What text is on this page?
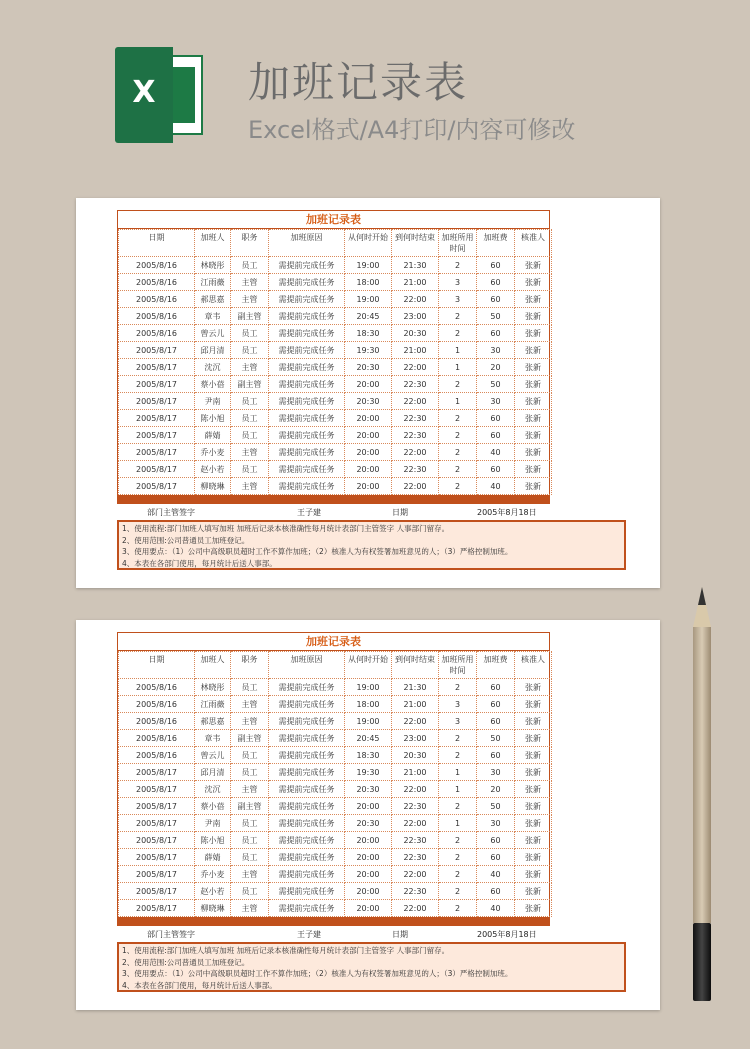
X	加班记录表
Excel格式/A4打印/内容可修改
加班记录表
日期	加班人	职务	加班原因	从何时开始	到何时结束	加班所用时间	加班费	核准人
2005/8/16	林晓彤	员工	需提前完成任务	19:00	21:30	2	60	张新
2005/8/16	江雨薇	主管	需提前完成任务	18:00	21:00	3	60	张新
2005/8/16	郝思嘉	主管	需提前完成任务	19:00	22:00	3	60	张新
2005/8/16	章韦	副主管	需提前完成任务	20:45	23:00	2	50	张新
2005/8/16	曾云儿	员工	需提前完成任务	18:30	20:30	2	60	张新
2005/8/17	邱月清	员工	需提前完成任务	19:30	21:00	1	30	张新
2005/8/17	沈沉	主管	需提前完成任务	20:30	22:00	1	20	张新
2005/8/17	蔡小蓓	副主管	需提前完成任务	20:00	22:30	2	50	张新
2005/8/17	尹南	员工	需提前完成任务	20:30	22:00	1	30	张新
2005/8/17	陈小旭	员工	需提前完成任务	20:00	22:30	2	60	张新
2005/8/17	薛婧	员工	需提前完成任务	20:00	22:30	2	60	张新
2005/8/17	乔小麦	主管	需提前完成任务	20:00	22:00	2	40	张新
2005/8/17	赵小若	员工	需提前完成任务	20:00	22:30	2	60	张新
2005/8/17	柳晓琳	主管	需提前完成任务	20:00	22:00	2	40	张新
部门主管签字	王子建	日期	2005年8月18日
1、使用流程:部门加班人填写加班 加班后记录本核准确性每月统计表部门主管签字 人事部门留存。
2、使用范围:公司普通员工加班登记。
3、使用要点：（1）公司中高级职员超时工作不算作加班；（2）核准人为有权签署加班意见的人；（3）严格控制加班。
4、本表在各部门使用，每月统计后送人事部。
加班记录表
日期	加班人	职务	加班原因	从何时开始	到何时结束	加班所用时间	加班费	核准人
2005/8/16	林晓彤	员工	需提前完成任务	19:00	21:30	2	60	张新
2005/8/16	江雨薇	主管	需提前完成任务	18:00	21:00	3	60	张新
2005/8/16	郝思嘉	主管	需提前完成任务	19:00	22:00	3	60	张新
2005/8/16	章韦	副主管	需提前完成任务	20:45	23:00	2	50	张新
2005/8/16	曾云儿	员工	需提前完成任务	18:30	20:30	2	60	张新
2005/8/17	邱月清	员工	需提前完成任务	19:30	21:00	1	30	张新
2005/8/17	沈沉	主管	需提前完成任务	20:30	22:00	1	20	张新
2005/8/17	蔡小蓓	副主管	需提前完成任务	20:00	22:30	2	50	张新
2005/8/17	尹南	员工	需提前完成任务	20:30	22:00	1	30	张新
2005/8/17	陈小旭	员工	需提前完成任务	20:00	22:30	2	60	张新
2005/8/17	薛婧	员工	需提前完成任务	20:00	22:30	2	60	张新
2005/8/17	乔小麦	主管	需提前完成任务	20:00	22:00	2	40	张新
2005/8/17	赵小若	员工	需提前完成任务	20:00	22:30	2	60	张新
2005/8/17	柳晓琳	主管	需提前完成任务	20:00	22:00	2	40	张新
部门主管签字	王子建	日期	2005年8月18日
1、使用流程:部门加班人填写加班 加班后记录本核准确性每月统计表部门主管签字 人事部门留存。
2、使用范围:公司普通员工加班登记。
3、使用要点：（1）公司中高级职员超时工作不算作加班；（2）核准人为有权签署加班意见的人；（3）严格控制加班。
4、本表在各部门使用，每月统计后送人事部。
